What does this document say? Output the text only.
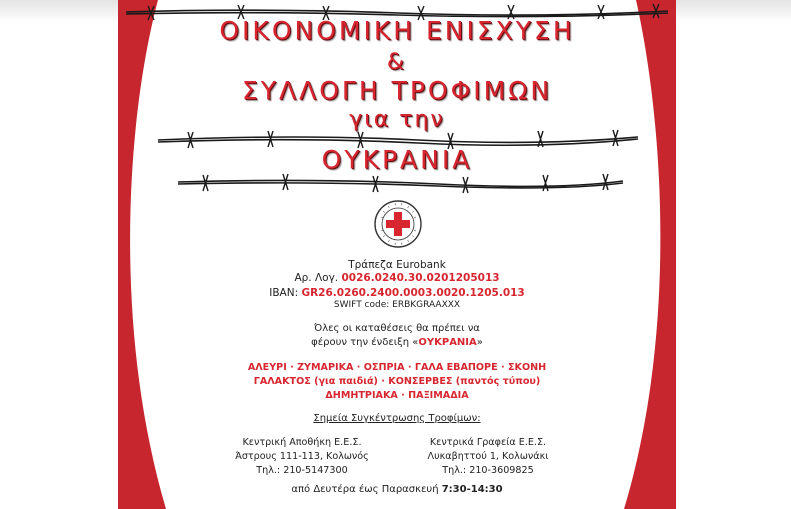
ΟΙΚΟΝΟΜΙΚΗ ΕΝΙΣΧΥΣΗ
&
ΣΥΛΛΟΓΗ ΤΡΟΦΙΜΩΝ
για την
ΟΥΚΡΑΝΙΑ
Τράπεζα Eurobank
Αρ. Λογ. 0026.0240.30.0201205013
IBAN: GR26.0260.2400.0003.0020.1205.013
SWIFT code: ERBKGRAAXXX
Όλες οι καταθέσεις θα πρέπει να
φέρουν την ένδειξη «ΟΥΚΡΑΝΙΑ»
ΑΛΕΥΡΙ · ΖΥΜΑΡΙΚΑ · ΟΣΠΡΙΑ · ΓΑΛΑ ΕΒΑΠΟΡΕ · ΣΚΟΝΗ
ΓΑΛΑΚΤΟΣ (για παιδιά) · ΚΟΝΣΕΡΒΕΣ (παντός τύπου)
ΔΗΜΗΤΡΙΑΚΑ · ΠΑΞΙΜΑΔΙΑ
Σημεία Συγκέντρωσης Τροφίμων:
Κεντρική Αποθήκη Ε.Ε.Σ.
Άστρους 111-113, Κολωνός
Τηλ.: 210-5147300
Κεντρικά Γραφεία Ε.Ε.Σ.
Λυκαβηττού 1, Κολωνάκι
Τηλ.: 210-3609825
από Δευτέρα έως Παρασκευή 7:30-14:30
